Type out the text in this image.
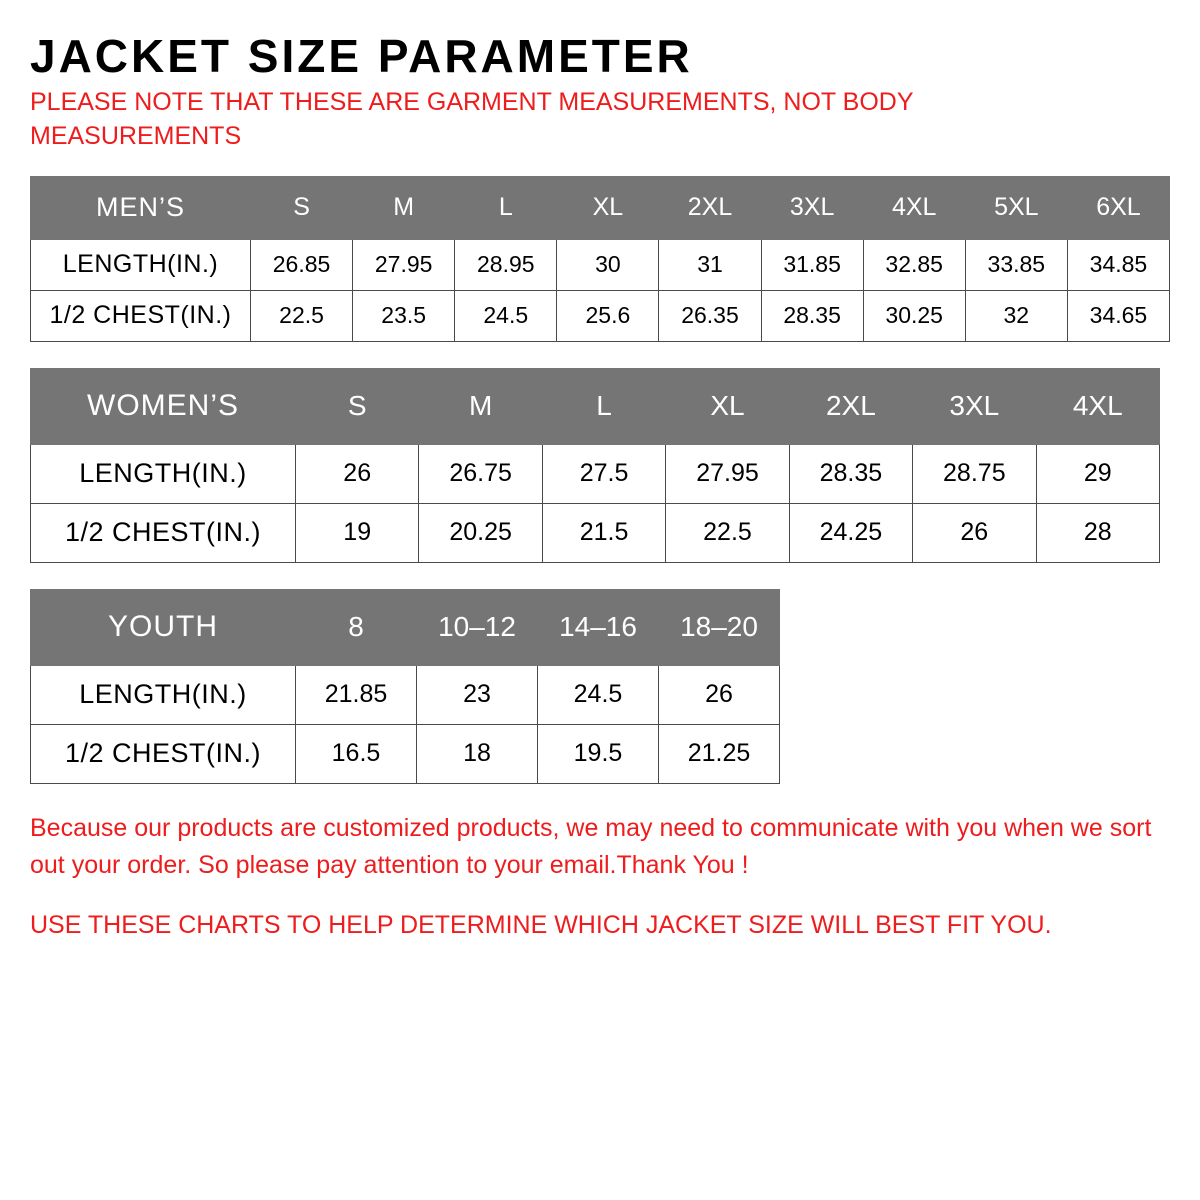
JACKET SIZE PARAMETER
PLEASE NOTE THAT THESE ARE GARMENT MEASUREMENTS, NOT BODY MEASUREMENTS
MEN’S	S	M	L	XL	2XL	3XL	4XL	5XL	6XL
LENGTH(IN.)	26.85	27.95	28.95	30	31	31.85	32.85	33.85	34.85
1/2 CHEST(IN.)	22.5	23.5	24.5	25.6	26.35	28.35	30.25	32	34.65
WOMEN’S	S	M	L	XL	2XL	3XL	4XL
LENGTH(IN.)	26	26.75	27.5	27.95	28.35	28.75	29
1/2 CHEST(IN.)	19	20.25	21.5	22.5	24.25	26	28
YOUTH	8	10–12	14–16	18–20
LENGTH(IN.)	21.85	23	24.5	26
1/2 CHEST(IN.)	16.5	18	19.5	21.25

Because our products are customized products, we may need to communicate with you when we sort out your order. So please pay attention to your email.Thank You !

USE THESE CHARTS TO HELP DETERMINE WHICH JACKET SIZE WILL BEST FIT YOU.
